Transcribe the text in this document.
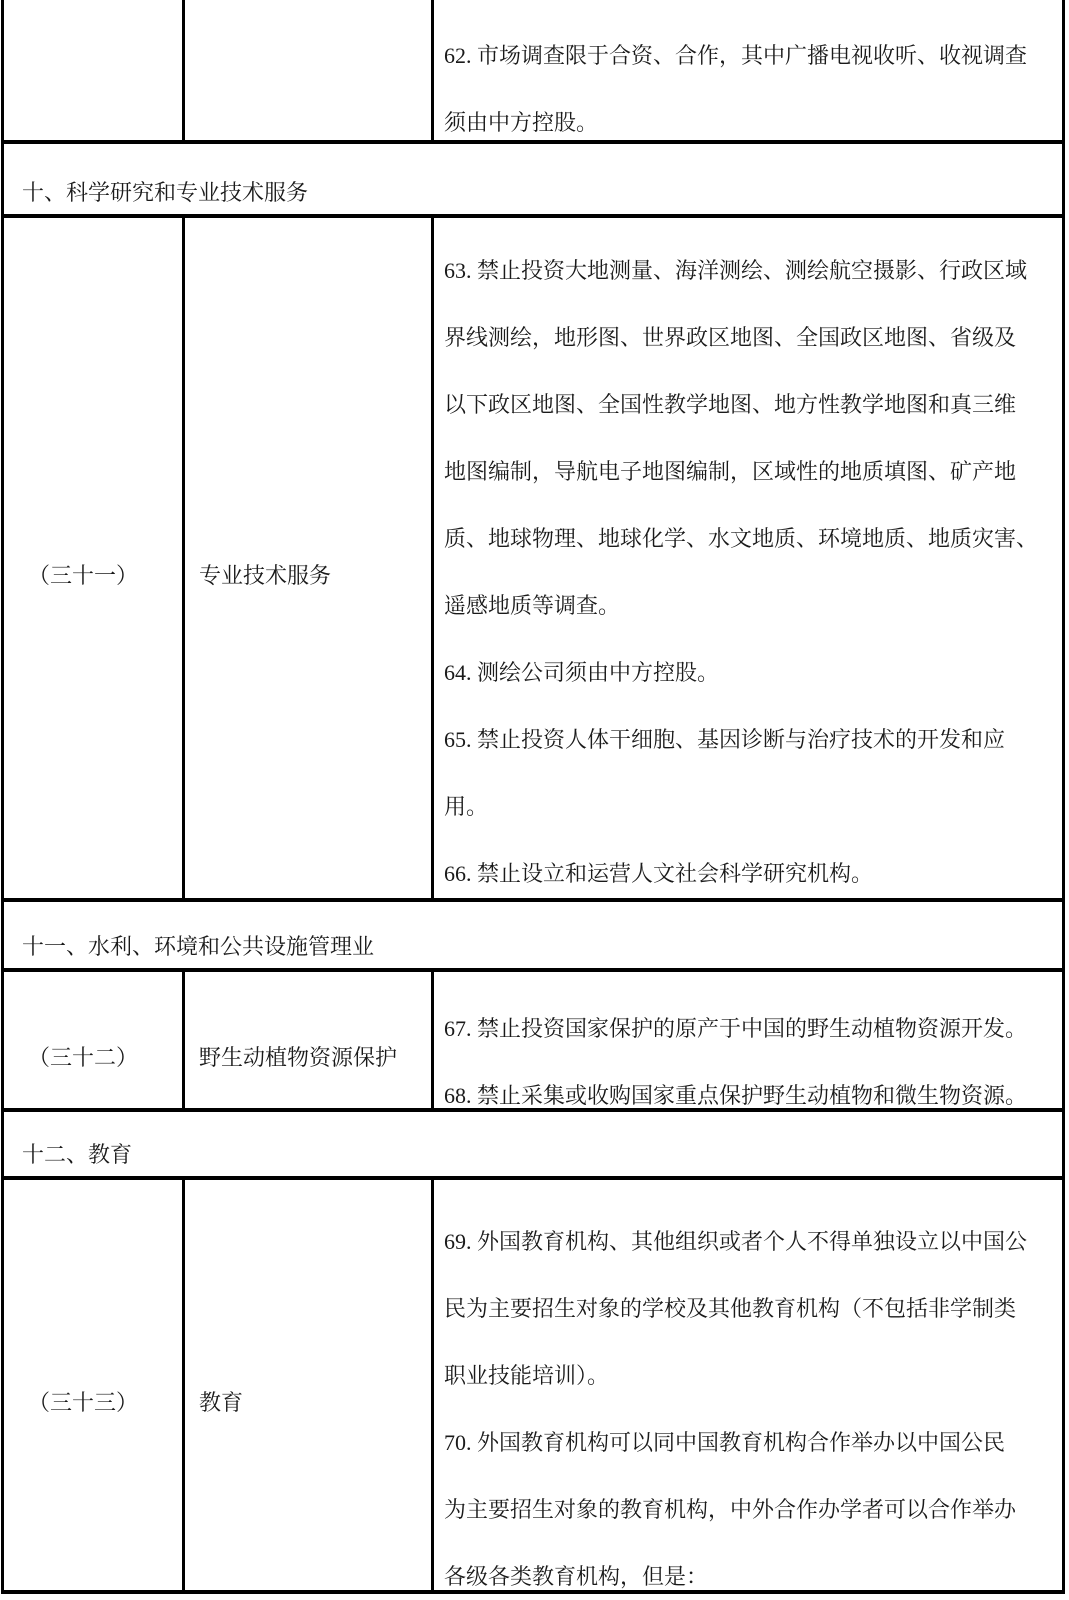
62. 市场调查限于合资、合作，其中广播电视收听、收视调查
须由中方控股。
十、科学研究和专业技术服务
（三十一）	专业技术服务
63. 禁止投资大地测量、海洋测绘、测绘航空摄影、行政区域
界线测绘，地形图、世界政区地图、全国政区地图、省级及
以下政区地图、全国性教学地图、地方性教学地图和真三维
地图编制，导航电子地图编制，区域性的地质填图、矿产地
质、地球物理、地球化学、水文地质、环境地质、地质灾害、
遥感地质等调查。
64. 测绘公司须由中方控股。
65. 禁止投资人体干细胞、基因诊断与治疗技术的开发和应
用。
66. 禁止设立和运营人文社会科学研究机构。
十一、水利、环境和公共设施管理业
（三十二）	野生动植物资源保护
67. 禁止投资国家保护的原产于中国的野生动植物资源开发。
68. 禁止采集或收购国家重点保护野生动植物和微生物资源。
十二、教育
（三十三）	教育
69. 外国教育机构、其他组织或者个人不得单独设立以中国公
民为主要招生对象的学校及其他教育机构（不包括非学制类
职业技能培训）。
70. 外国教育机构可以同中国教育机构合作举办以中国公民
为主要招生对象的教育机构，中外合作办学者可以合作举办
各级各类教育机构，但是：
